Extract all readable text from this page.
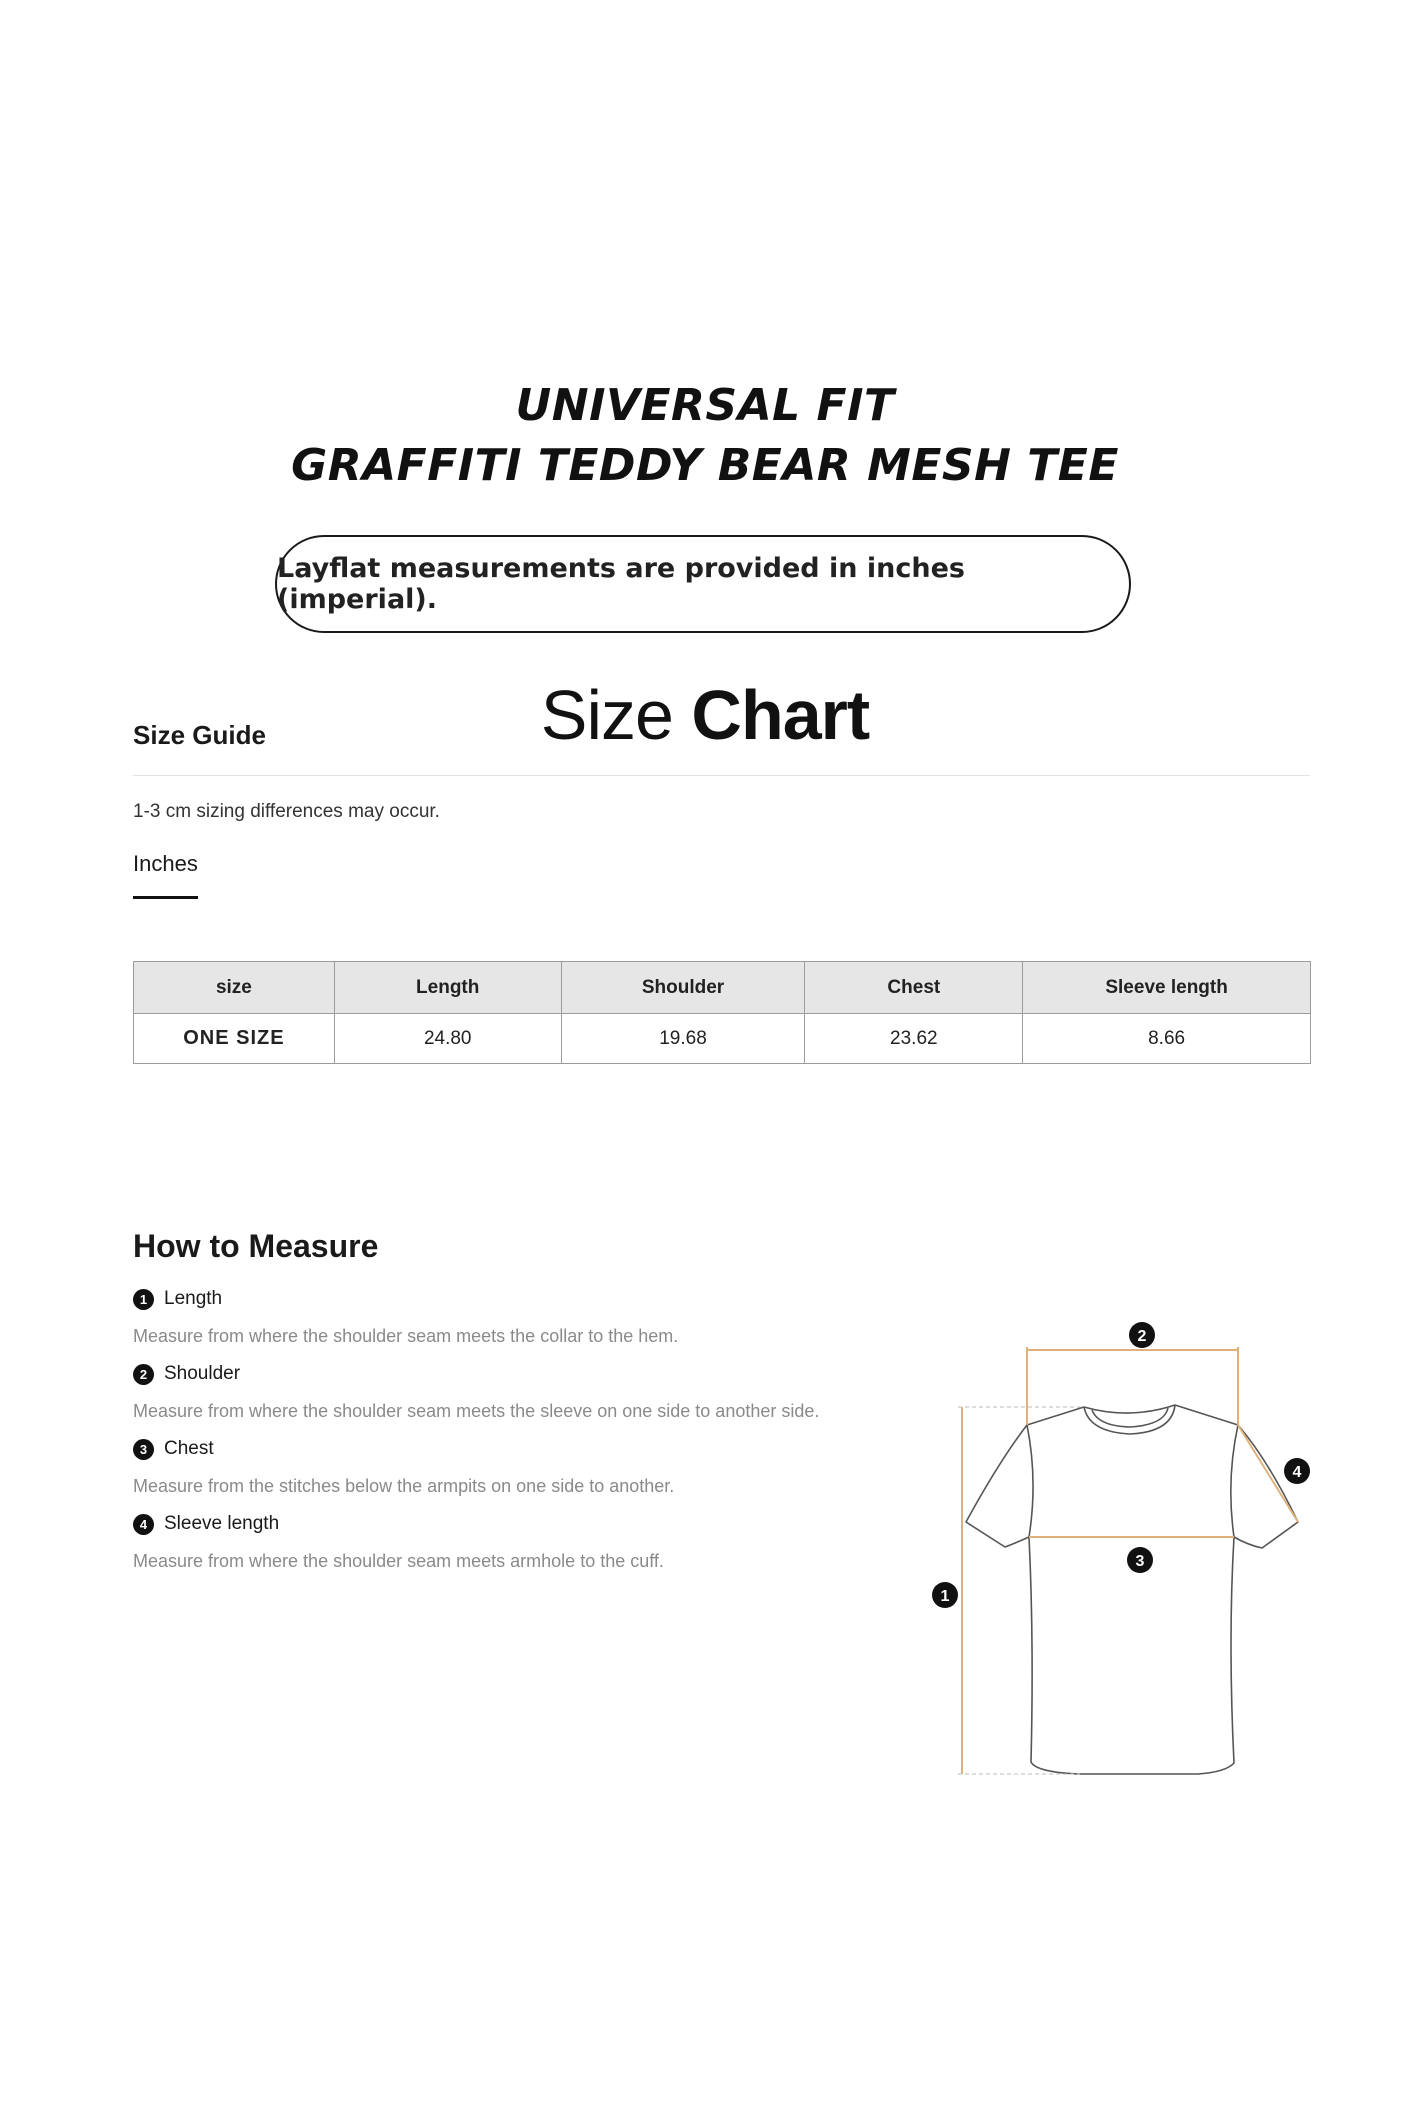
UNIVERSAL FIT
GRAFFITI TEDDY BEAR MESH TEE
Layflat measurements are provided in inches (imperial).
Size Chart
Size Guide
1-3 cm sizing differences may occur.
Inches
size	Length	Shoulder	Chest	Sleeve length
ONE SIZE	24.80	19.68	23.62	8.66
How to Measure
1 Length
Measure from where the shoulder seam meets the collar to the hem.
2 Shoulder
Measure from where the shoulder seam meets the sleeve on one side to another side.
3 Chest
Measure from the stitches below the armpits on one side to another.
4 Sleeve length
Measure from where the shoulder seam meets armhole to the cuff.
1
2
3
4
